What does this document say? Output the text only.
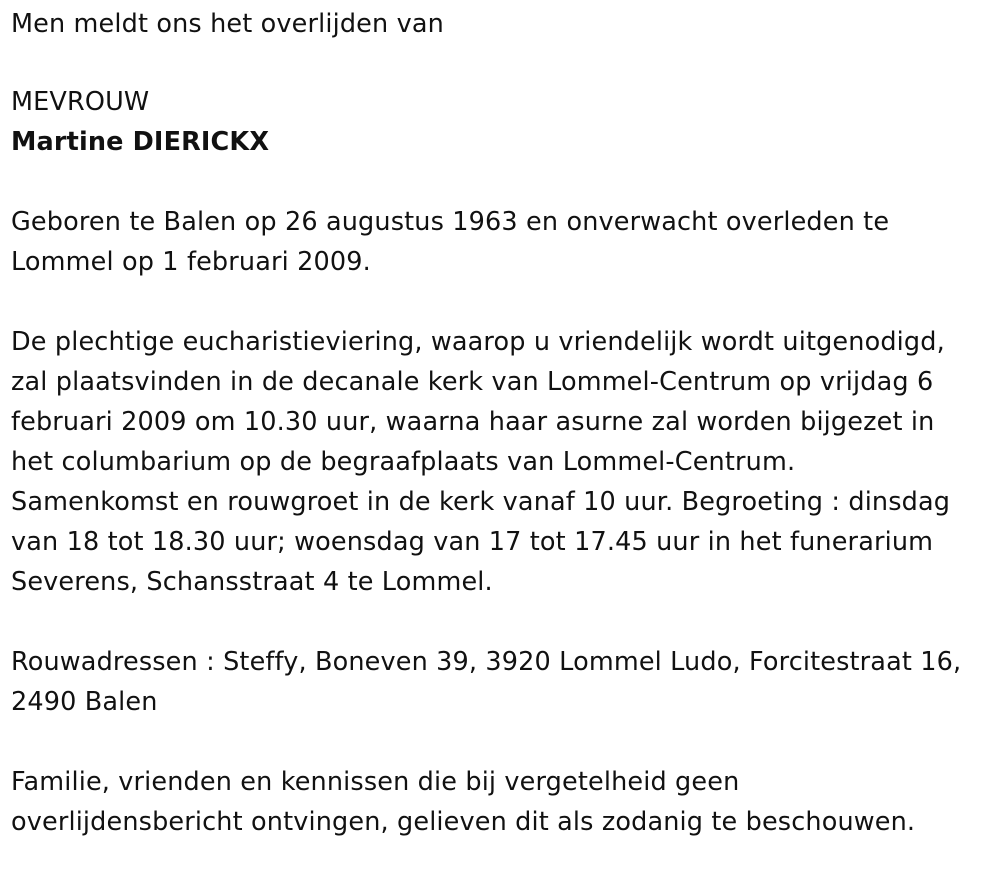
Men meldt ons het overlijden van
MEVROUW
Martine DIERICKX
Geboren te Balen op 26 augustus 1963 en onverwacht overleden te
Lommel op 1 februari 2009.
De plechtige eucharistieviering, waarop u vriendelijk wordt uitgenodigd,
zal plaatsvinden in de decanale kerk van Lommel-Centrum op vrijdag 6
februari 2009 om 10.30 uur, waarna haar asurne zal worden bijgezet in
het columbarium op de begraafplaats van Lommel-Centrum.
Samenkomst en rouwgroet in de kerk vanaf 10 uur. Begroeting : dinsdag
van 18 tot 18.30 uur; woensdag van 17 tot 17.45 uur in het funerarium
Severens, Schansstraat 4 te Lommel.
Rouwadressen : Steffy, Boneven 39, 3920 Lommel Ludo, Forcitestraat 16,
2490 Balen
Familie, vrienden en kennissen die bij vergetelheid geen
overlijdensbericht ontvingen, gelieven dit als zodanig te beschouwen.
